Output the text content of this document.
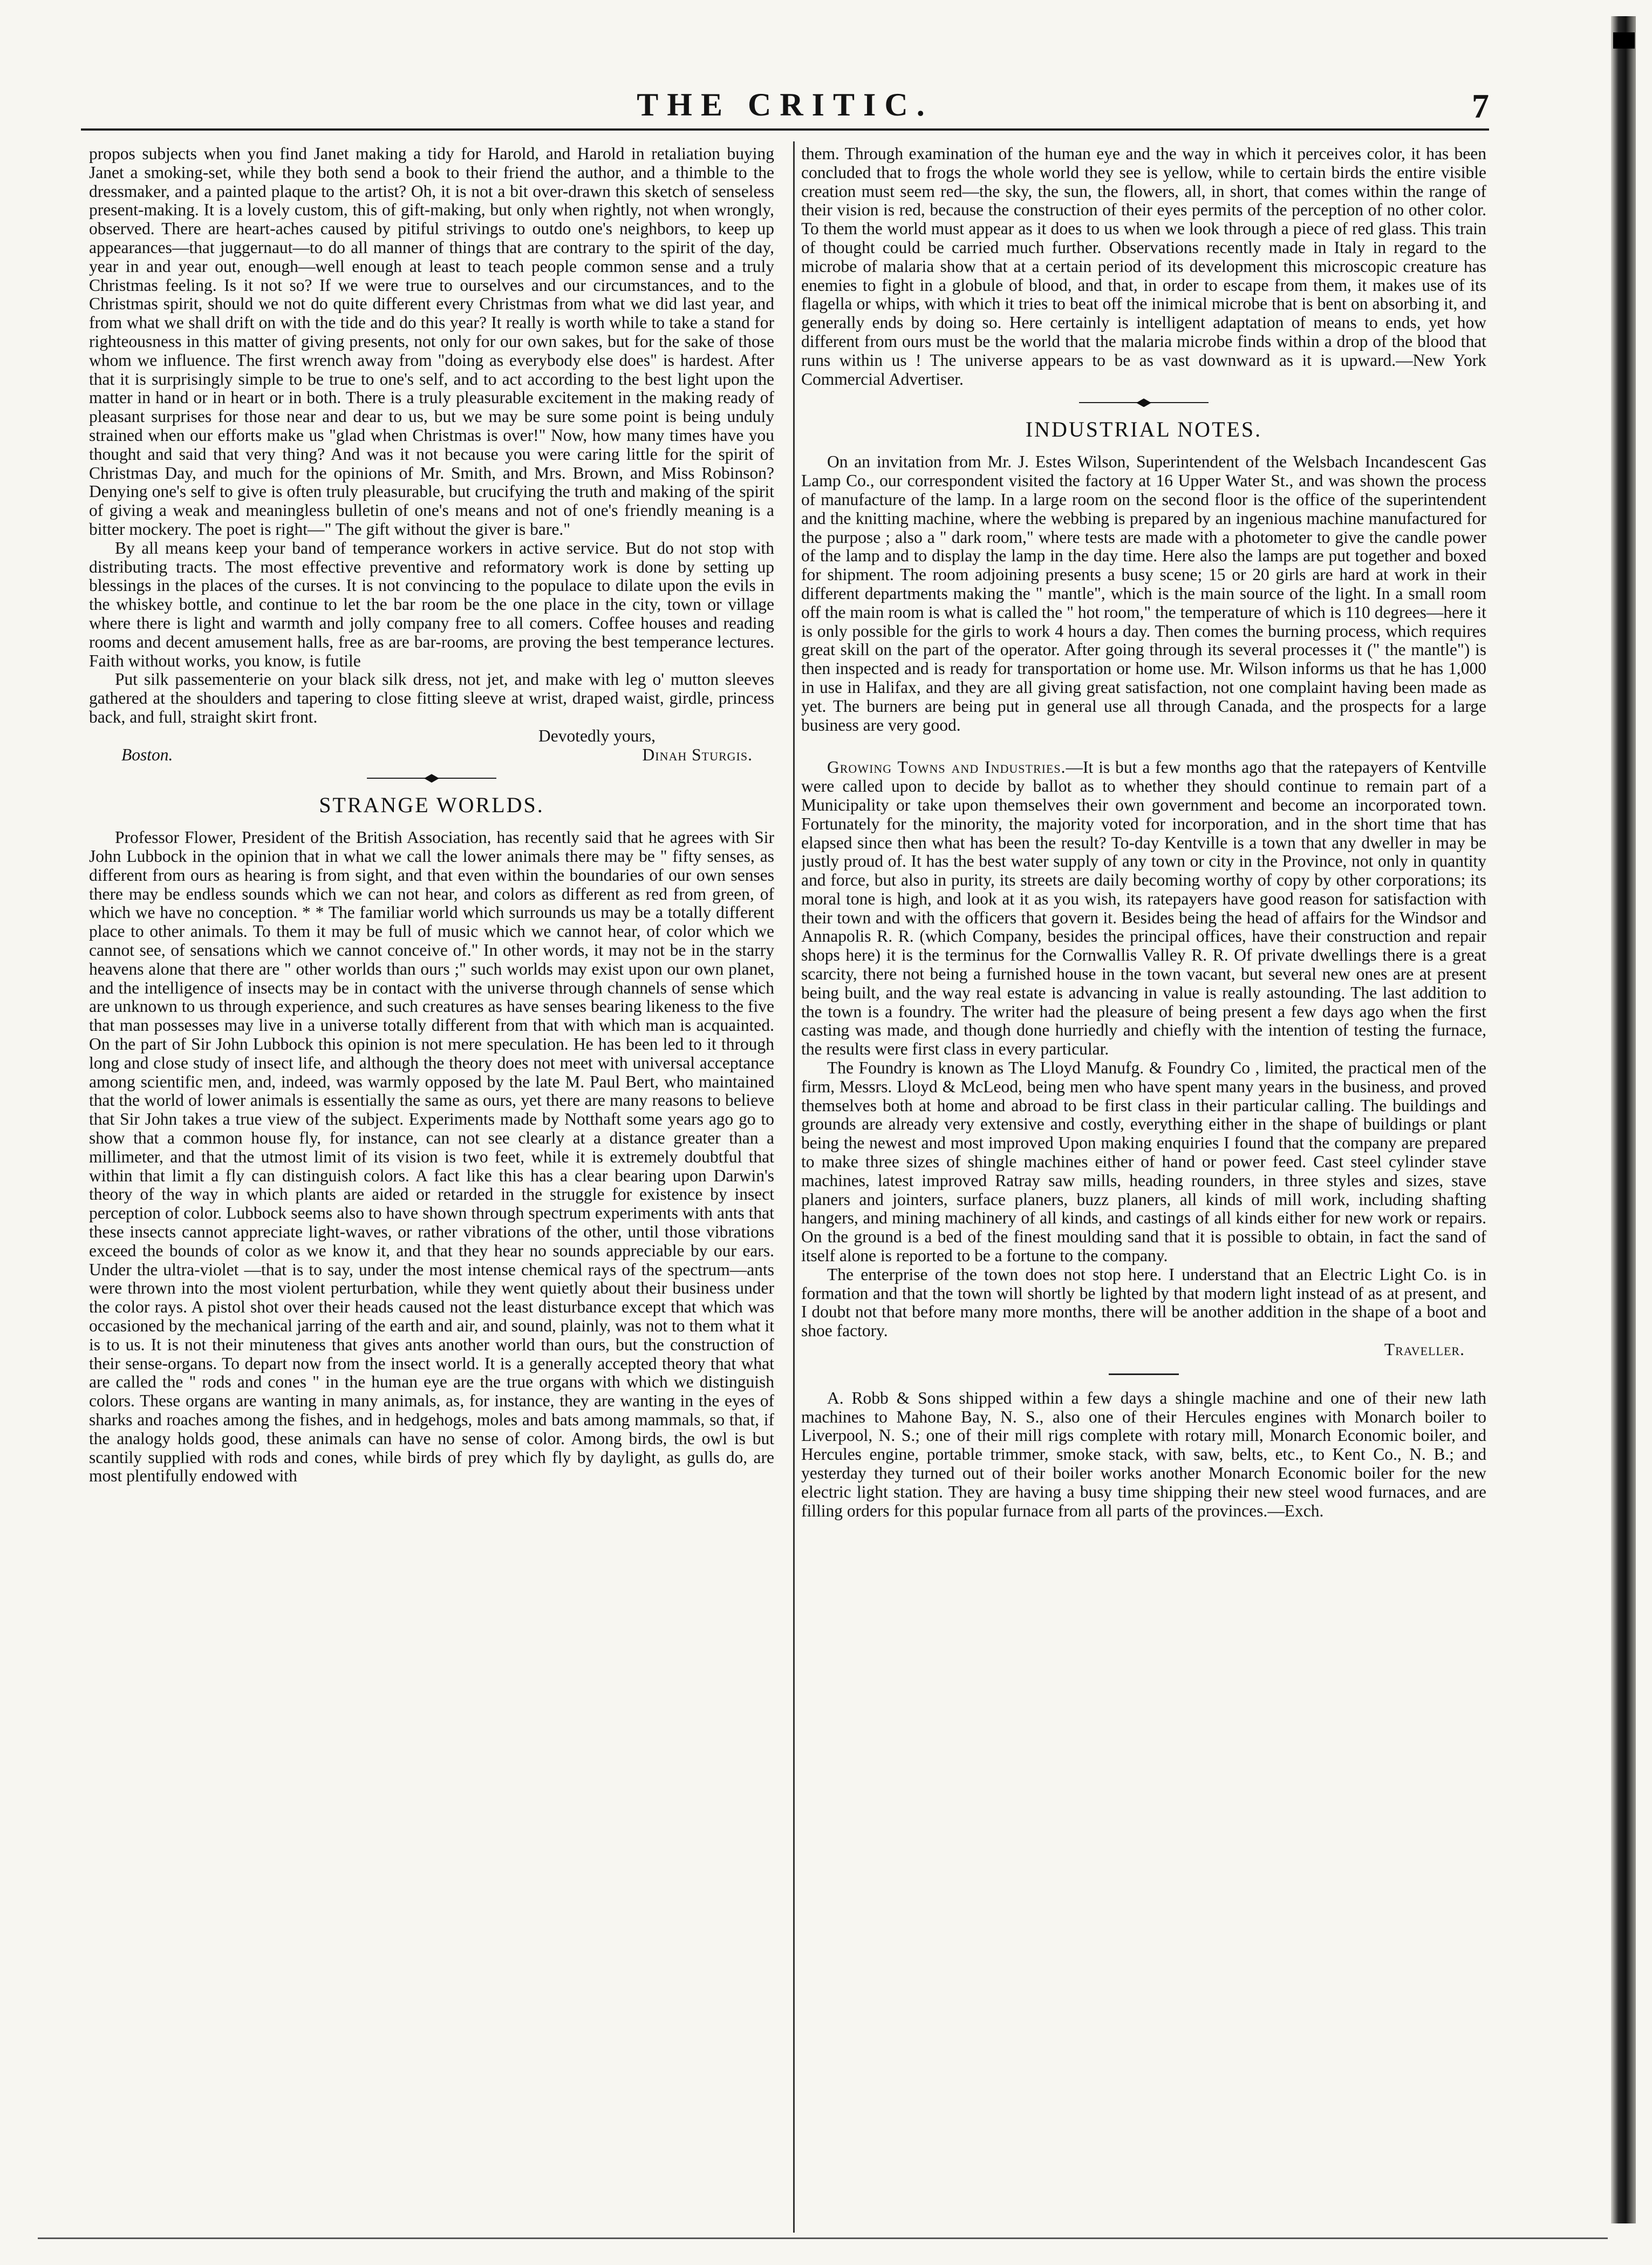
THE CRITIC.	7

propos subjects when you find Janet making a tidy for Harold, and Harold in retaliation buying Janet a smoking-set, while they both send a book to their friend the author, and a thimble to the dressmaker, and a painted plaque to the artist? Oh, it is not a bit over-drawn this sketch of senseless present-making. It is a lovely custom, this of gift-making, but only when rightly, not when wrongly, observed. There are heart-aches caused by pitiful strivings to outdo one's neighbors, to keep up appearances—that juggernaut—to do all manner of things that are contrary to the spirit of the day, year in and year out, enough—well enough at least to teach people common sense and a truly Christmas feeling. Is it not so? If we were true to ourselves and our circumstances, and to the Christmas spirit, should we not do quite different every Christmas from what we did last year, and from what we shall drift on with the tide and do this year? It really is worth while to take a stand for righteousness in this matter of giving presents, not only for our own sakes, but for the sake of those whom we influence. The first wrench away from "doing as everybody else does" is hardest. After that it is surprisingly simple to be true to one's self, and to act according to the best light upon the matter in hand or in heart or in both. There is a truly pleasurable excitement in the making ready of pleasant surprises for those near and dear to us, but we may be sure some point is being unduly strained when our efforts make us "glad when Christmas is over!" Now, how many times have you thought and said that very thing? And was it not because you were caring little for the spirit of Christmas Day, and much for the opinions of Mr. Smith, and Mrs. Brown, and Miss Robinson? Denying one's self to give is often truly pleasurable, but crucifying the truth and making of the spirit of giving a weak and meaningless bulletin of one's means and not of one's friendly meaning is a bitter mockery. The poet is right—" The gift without the giver is bare."

By all means keep your band of temperance workers in active service. But do not stop with distributing tracts. The most effective preventive and reformatory work is done by setting up blessings in the places of the curses. It is not convincing to the populace to dilate upon the evils in the whiskey bottle, and continue to let the bar room be the one place in the city, town or village where there is light and warmth and jolly company free to all comers. Coffee houses and reading rooms and decent amusement halls, free as are bar-rooms, are proving the best temperance lectures. Faith without works, you know, is futile

Put silk passementerie on your black silk dress, not jet, and make with leg o' mutton sleeves gathered at the shoulders and tapering to close fitting sleeve at wrist, draped waist, girdle, princess back, and full, straight skirt front.

Devotedly yours,
Boston.	Dinah Sturgis.
STRANGE WORLDS.

Professor Flower, President of the British Association, has recently said that he agrees with Sir John Lubbock in the opinion that in what we call the lower animals there may be " fifty senses, as different from ours as hearing is from sight, and that even within the boundaries of our own senses there may be endless sounds which we can not hear, and colors as different as red from green, of which we have no conception. * * The familiar world which surrounds us may be a totally different place to other animals. To them it may be full of music which we cannot hear, of color which we cannot see, of sensations which we cannot conceive of." In other words, it may not be in the starry heavens alone that there are " other worlds than ours ;" such worlds may exist upon our own planet, and the intelligence of insects may be in contact with the universe through channels of sense which are unknown to us through experience, and such creatures as have senses bearing likeness to the five that man possesses may live in a universe totally different from that with which man is acquainted. On the part of Sir John Lubbock this opinion is not mere speculation. He has been led to it through long and close study of insect life, and although the theory does not meet with universal acceptance among scientific men, and, indeed, was warmly opposed by the late M. Paul Bert, who maintained that the world of lower animals is essentially the same as ours, yet there are many reasons to believe that Sir John takes a true view of the subject. Experiments made by Notthaft some years ago go to show that a common house fly, for instance, can not see clearly at a distance greater than a millimeter, and that the utmost limit of its vision is two feet, while it is extremely doubtful that within that limit a fly can distinguish colors. A fact like this has a clear bearing upon Darwin's theory of the way in which plants are aided or retarded in the struggle for existence by insect perception of color. Lubbock seems also to have shown through spectrum experiments with ants that these insects cannot appreciate light-waves, or rather vibrations of the other, until those vibrations exceed the bounds of color as we know it, and that they hear no sounds appreciable by our ears. Under the ultra-violet —that is to say, under the most intense chemical rays of the spectrum—ants were thrown into the most violent perturbation, while they went quietly about their business under the color rays. A pistol shot over their heads caused not the least disturbance except that which was occasioned by the mechanical jarring of the earth and air, and sound, plainly, was not to them what it is to us. It is not their minuteness that gives ants another world than ours, but the construction of their sense-organs. To depart now from the insect world. It is a generally accepted theory that what are called the " rods and cones " in the human eye are the true organs with which we distinguish colors. These organs are wanting in many animals, as, for instance, they are wanting in the eyes of sharks and roaches among the fishes, and in hedgehogs, moles and bats among mammals, so that, if the analogy holds good, these animals can have no sense of color. Among birds, the owl is but scantily supplied with rods and cones, while birds of prey which fly by daylight, as gulls do, are most plentifully endowed with

them. Through examination of the human eye and the way in which it perceives color, it has been concluded that to frogs the whole world they see is yellow, while to certain birds the entire visible creation must seem red—the sky, the sun, the flowers, all, in short, that comes within the range of their vision is red, because the construction of their eyes permits of the perception of no other color. To them the world must appear as it does to us when we look through a piece of red glass. This train of thought could be carried much further. Observations recently made in Italy in regard to the microbe of malaria show that at a certain period of its development this microscopic creature has enemies to fight in a globule of blood, and that, in order to escape from them, it makes use of its flagella or whips, with which it tries to beat off the inimical microbe that is bent on absorbing it, and generally ends by doing so. Here certainly is intelligent adaptation of means to ends, yet how different from ours must be the world that the malaria microbe finds within a drop of the blood that runs within us ! The universe appears to be as vast downward as it is upward.—New York Commercial Advertiser.

INDUSTRIAL NOTES.

On an invitation from Mr. J. Estes Wilson, Superintendent of the Welsbach Incandescent Gas Lamp Co., our correspondent visited the factory at 16 Upper Water St., and was shown the process of manufacture of the lamp. In a large room on the second floor is the office of the superintendent and the knitting machine, where the webbing is prepared by an ingenious machine manufactured for the purpose ; also a " dark room," where tests are made with a photometer to give the candle power of the lamp and to display the lamp in the day time. Here also the lamps are put together and boxed for shipment. The room adjoining presents a busy scene; 15 or 20 girls are hard at work in their different departments making the " mantle", which is the main source of the light. In a small room off the main room is what is called the " hot room," the temperature of which is 110 degrees—here it is only possible for the girls to work 4 hours a day. Then comes the burning process, which requires great skill on the part of the operator. After going through its several processes it (" the mantle") is then inspected and is ready for transportation or home use. Mr. Wilson informs us that he has 1,000 in use in Halifax, and they are all giving great satisfaction, not one complaint having been made as yet. The burners are being put in general use all through Canada, and the prospects for a large business are very good.

Growing Towns and Industries.—It is but a few months ago that the ratepayers of Kentville were called upon to decide by ballot as to whether they should continue to remain part of a Municipality or take upon themselves their own government and become an incorporated town. Fortunately for the minority, the majority voted for incorporation, and in the short time that has elapsed since then what has been the result? To-day Kentville is a town that any dweller in may be justly proud of. It has the best water supply of any town or city in the Province, not only in quantity and force, but also in purity, its streets are daily becoming worthy of copy by other corporations; its moral tone is high, and look at it as you wish, its ratepayers have good reason for satisfaction with their town and with the officers that govern it. Besides being the head of affairs for the Windsor and Annapolis R. R. (which Company, besides the principal offices, have their construction and repair shops here) it is the terminus for the Cornwallis Valley R. R. Of private dwellings there is a great scarcity, there not being a furnished house in the town vacant, but several new ones are at present being built, and the way real estate is advancing in value is really astounding. The last addition to the town is a foundry. The writer had the pleasure of being present a few days ago when the first casting was made, and though done hurriedly and chiefly with the intention of testing the furnace, the results were first class in every particular.

The Foundry is known as The Lloyd Manufg. & Foundry Co , limited, the practical men of the firm, Messrs. Lloyd & McLeod, being men who have spent many years in the business, and proved themselves both at home and abroad to be first class in their particular calling. The buildings and grounds are already very extensive and costly, everything either in the shape of buildings or plant being the newest and most improved Upon making enquiries I found that the company are prepared to make three sizes of shingle machines either of hand or power feed. Cast steel cylinder stave machines, latest improved Ratray saw mills, heading rounders, in three styles and sizes, stave planers and jointers, surface planers, buzz planers, all kinds of mill work, including shafting hangers, and mining machinery of all kinds, and castings of all kinds either for new work or repairs. On the ground is a bed of the finest moulding sand that it is possible to obtain, in fact the sand of itself alone is reported to be a fortune to the company.

The enterprise of the town does not stop here. I understand that an Electric Light Co. is in formation and that the town will shortly be lighted by that modern light instead of as at present, and I doubt not that before many more months, there will be another addition in the shape of a boot and shoe factory.

Traveller.

A. Robb & Sons shipped within a few days a shingle machine and one of their new lath machines to Mahone Bay, N. S., also one of their Hercules engines with Monarch boiler to Liverpool, N. S.; one of their mill rigs complete with rotary mill, Monarch Economic boiler, and Hercules engine, portable trimmer, smoke stack, with saw, belts, etc., to Kent Co., N. B.; and yesterday they turned out of their boiler works another Monarch Economic boiler for the new electric light station. They are having a busy time shipping their new steel wood furnaces, and are filling orders for this popular furnace from all parts of the provinces.—Exch.
